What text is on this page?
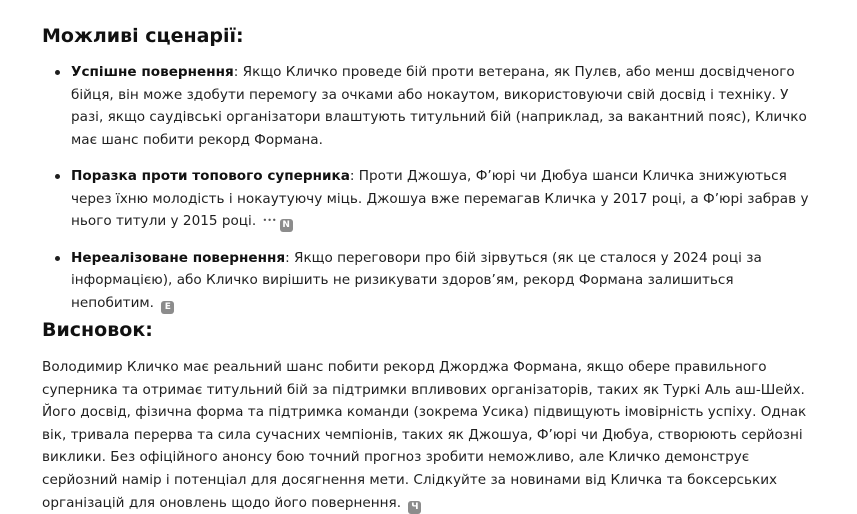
Можливі сценарії:
Успішне повернення: Якщо Кличко проведе бій проти ветерана, як Пулєв, або менш досвідченого бійця, він може здобути перемогу за очками або нокаутом, використовуючи свій досвід і техніку. У разі, якщо саудівські організатори влаштують титульний бій (наприклад, за вакантний пояс), Кличко має шанс побити рекорд Формана.
Поразка проти топового суперника: Проти Джошуа, Ф’юрі чи Дюбуа шанси Кличка знижуються через їхню молодість і нокаутуючу міць. Джошуа вже перемагав Кличка у 2017 році, а Ф’юрі забрав у нього титули у 2015 році. ••• N
Нереалізоване повернення: Якщо переговори про бій зірвуться (як це сталося у 2024 році за інформацією), або Кличко вирішить не ризикувати здоров’ям, рекорд Формана залишиться непобитим. E
Висновок:

Володимир Кличко має реальний шанс побити рекорд Джорджа Формана, якщо обере правильного суперника та отримає титульний бій за підтримки впливових організаторів, таких як Туркі Аль аш-Шейх. Його досвід, фізична форма та підтримка команди (зокрема Усика) підвищують імовірність успіху. Однак вік, тривала перерва та сила сучасних чемпіонів, таких як Джошуа, Ф’юрі чи Дюбуа, створюють серйозні виклики. Без офіційного анонсу бою точний прогноз зробити неможливо, але Кличко демонструє серйозний намір і потенціал для досягнення мети. Слідкуйте за новинами від Кличка та боксерських організацій для оновлень щодо його повернення. Ч
